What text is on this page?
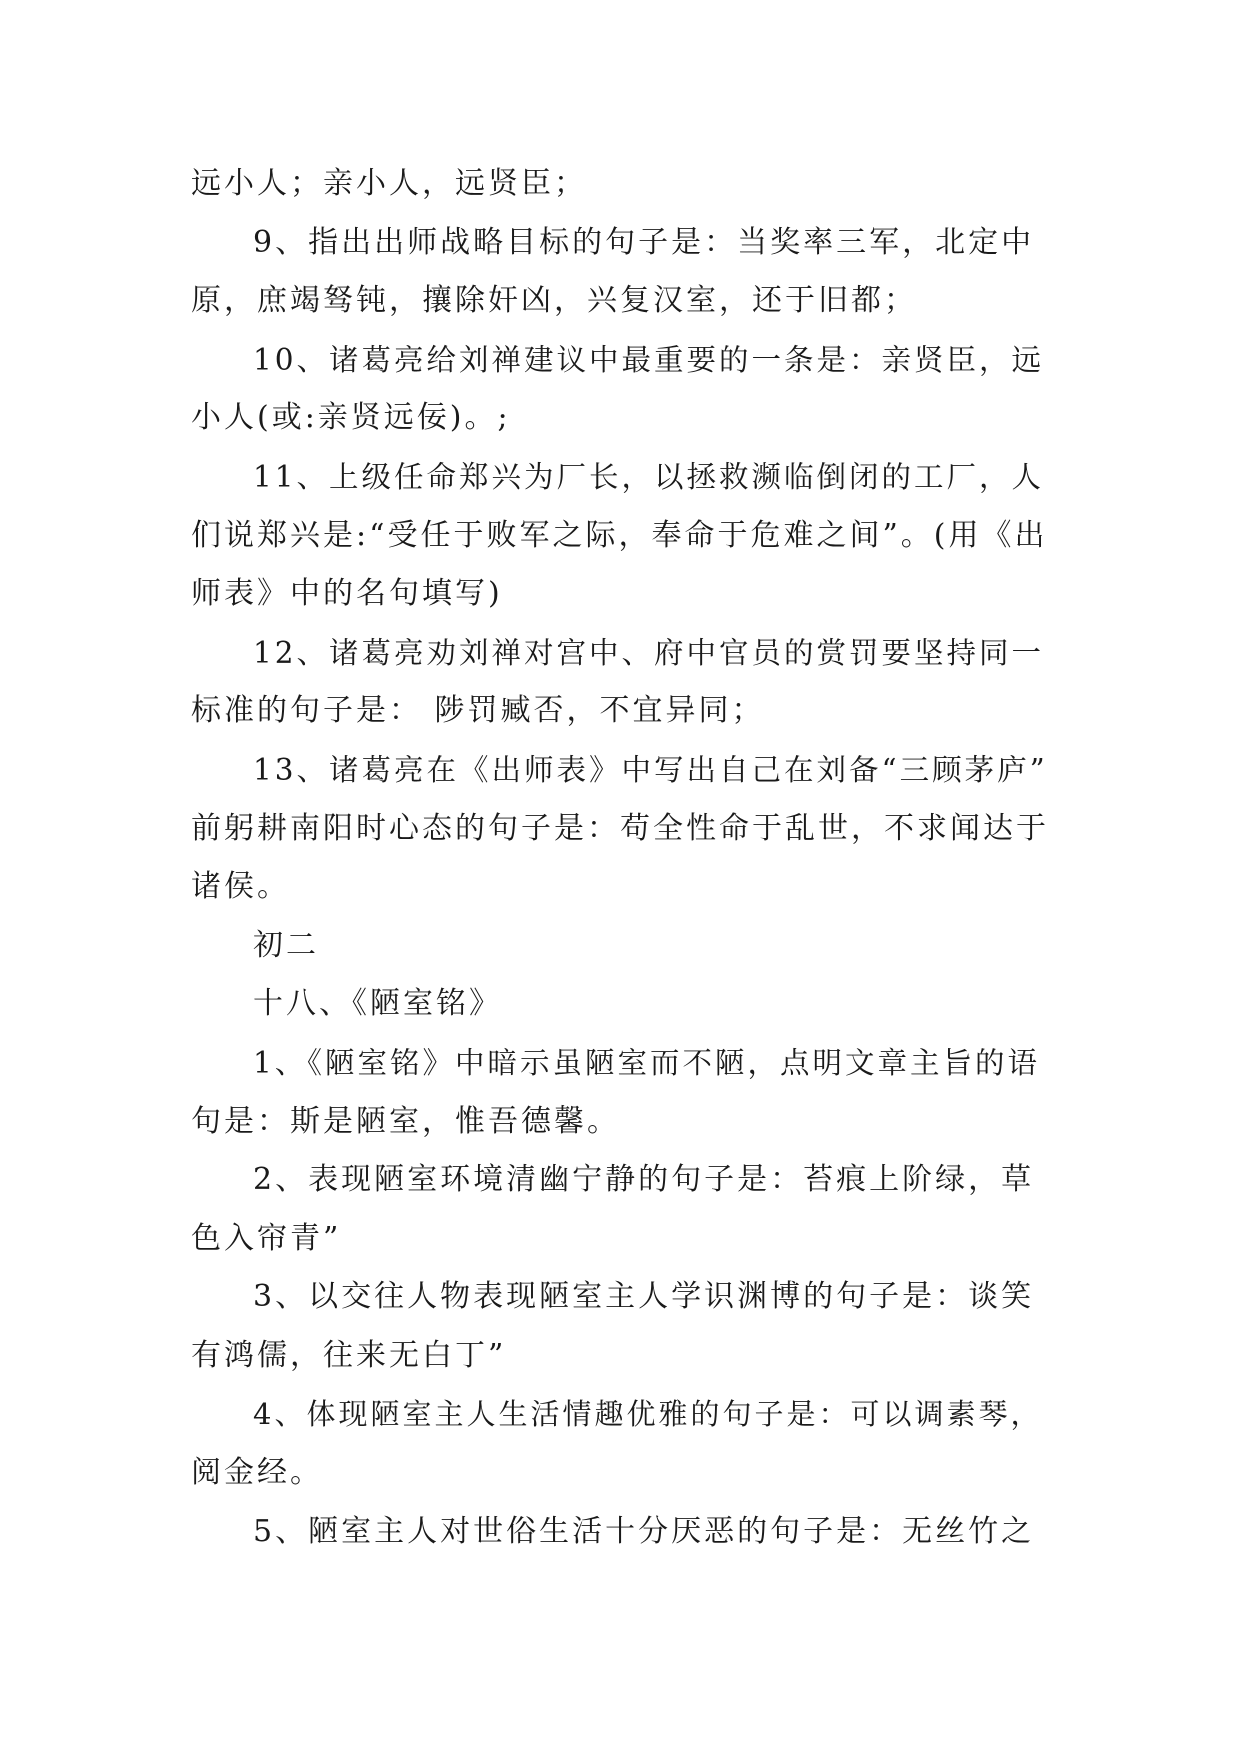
远小人；亲小人，远贤臣；
9、指出出师战略目标的句子是：当奖率三军，北定中
原，庶竭驽钝，攘除奸凶，兴复汉室，还于旧都；
10、诸葛亮给刘禅建议中最重要的一条是：亲贤臣，远
小人(或:亲贤远佞)。;
11、上级任命郑兴为厂长，以拯救濒临倒闭的工厂，人
们说郑兴是:“受任于败军之际，奉命于危难之间”。(用《出
师表》中的名句填写)
12、诸葛亮劝刘禅对宫中、府中官员的赏罚要坚持同一
标准的句子是： 陟罚臧否，不宜异同；
13、诸葛亮在《出师表》中写出自己在刘备“三顾茅庐”
前躬耕南阳时心态的句子是：苟全性命于乱世，不求闻达于
诸侯。
初二
十八、《陋室铭》
1、《陋室铭》中暗示虽陋室而不陋，点明文章主旨的语
句是：斯是陋室，惟吾德馨。
2、表现陋室环境清幽宁静的句子是：苔痕上阶绿，草
色入帘青”
3、以交往人物表现陋室主人学识渊博的句子是：谈笑
有鸿儒，往来无白丁”
4、体现陋室主人生活情趣优雅的句子是：可以调素琴，
阅金经。
5、陋室主人对世俗生活十分厌恶的句子是：无丝竹之
